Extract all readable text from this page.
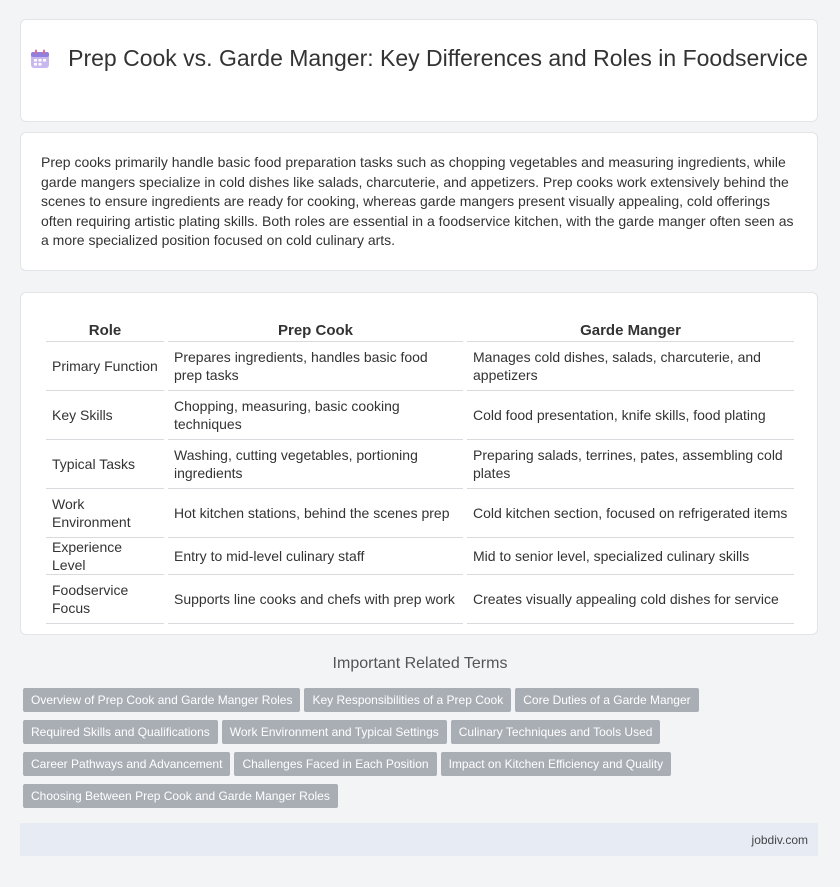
Prep Cook vs. Garde Manger: Key Differences and Roles in Foodservice
Prep cooks primarily handle basic food preparation tasks such as chopping vegetables and measuring ingredients, while garde mangers specialize in cold dishes like salads, charcuterie, and appetizers. Prep cooks work extensively behind the scenes to ensure ingredients are ready for cooking, whereas garde mangers present visually appealing, cold offerings often requiring artistic plating skills. Both roles are essential in a foodservice kitchen, with the garde manger often seen as a more specialized position focused on cold culinary arts.
Role	Prep Cook	Garde Manger
Primary Function	Prepares ingredients, handles basic food prep tasks	Manages cold dishes, salads, charcuterie, and appetizers
Key Skills	Chopping, measuring, basic cooking techniques	Cold food presentation, knife skills, food plating
Typical Tasks	Washing, cutting vegetables, portioning ingredients	Preparing salads, terrines, pates, assembling cold plates
Work Environment	Hot kitchen stations, behind the scenes prep	Cold kitchen section, focused on refrigerated items
Experience Level	Entry to mid-level culinary staff	Mid to senior level, specialized culinary skills
Foodservice Focus	Supports line cooks and chefs with prep work	Creates visually appealing cold dishes for service
Important Related Terms
Overview of Prep Cook and Garde Manger Roles Key Responsibilities of a Prep Cook Core Duties of a Garde Manger
Required Skills and Qualifications Work Environment and Typical Settings Culinary Techniques and Tools Used
Career Pathways and Advancement Challenges Faced in Each Position Impact on Kitchen Efficiency and Quality
Choosing Between Prep Cook and Garde Manger Roles
jobdiv.com
